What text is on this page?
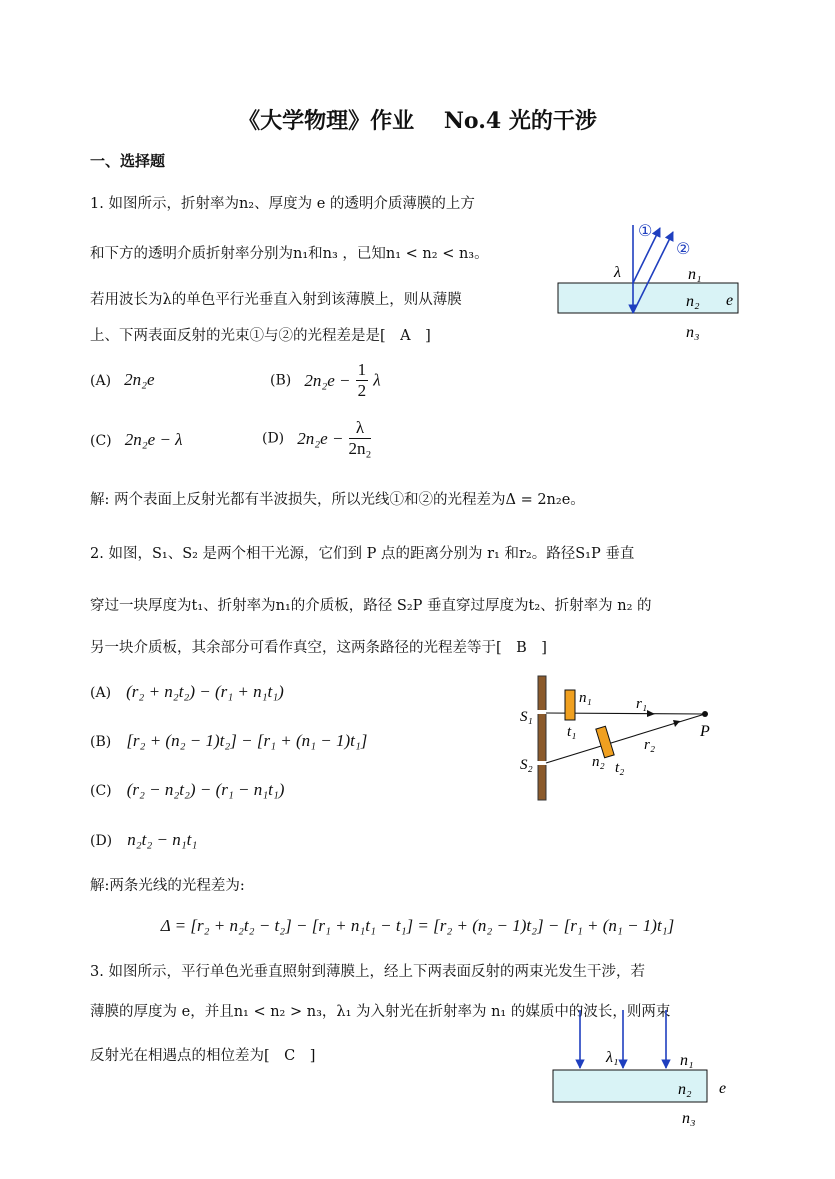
《大学物理》作业　 No.4 光的干涉
一、选择题
1. 如图所示，折射率为n₂、厚度为 e 的透明介质薄膜的上方
和下方的透明介质折射率分别为n₁和n₃ ，已知n₁ < n₂ < n₃。
若用波长为λ的单色平行光垂直入射到该薄膜上，则从薄膜
上、下两表面反射的光束①与②的光程差是是[　A　]
(A) 2n₂e	(B) $2n_2e - \frac{1}{2}$ λ
(C) 2n₂e − λ	(D) $2n_2e - \frac{\lambda}{\text{2n₂}}$
解: 两个表面上反射光都有半波损失，所以光线①和②的光程差为Δ = 2n₂e。
①
②
λ	n₁
n₂
n₃
e
2. 如图，S₁、S₂ 是两个相干光源，它们到 P 点的距离分别为 r₁ 和r₂。路径S₁P 垂直
穿过一块厚度为t₁、折射率为n₁的介质板，路径 S₂P 垂直穿过厚度为t₂、折射率为 n₂ 的
另一块介质板，其余部分可看作真空，这两条路径的光程差等于[　B　]
(A) (r₂ + n₂t₂) − (r₁ + n₁t₁)
(B) [r₂ + (n₂ − 1)t₂] − [r₁ + (n₁ − 1)t₁]
(C) (r₂ − n₂t₂) − (r₁ − n₁t₁)
(D) n₂t₂ − n₁t₁
解:两条光线的光程差为:
Δ = [r₂ + n₂t₂ − t₂] − [r₁ + n₁t₁ − t₁] = [r₂ + (n₂ − 1)t₂] − [r₁ + (n₁ − 1)t₁]
S₁
S₂
n₁
t₁
r₁
r₂
n₂ t₂
P
3. 如图所示，平行单色光垂直照射到薄膜上，经上下两表面反射的两束光发生干涉，若
薄膜的厚度为 e，并且n₁ < n₂ > n₃，λ₁ 为入射光在折射率为 n₁ 的媒质中的波长，则两束
反射光在相遇点的相位差为[　C　]	λ₁	n₁
n₂
n₃
e
